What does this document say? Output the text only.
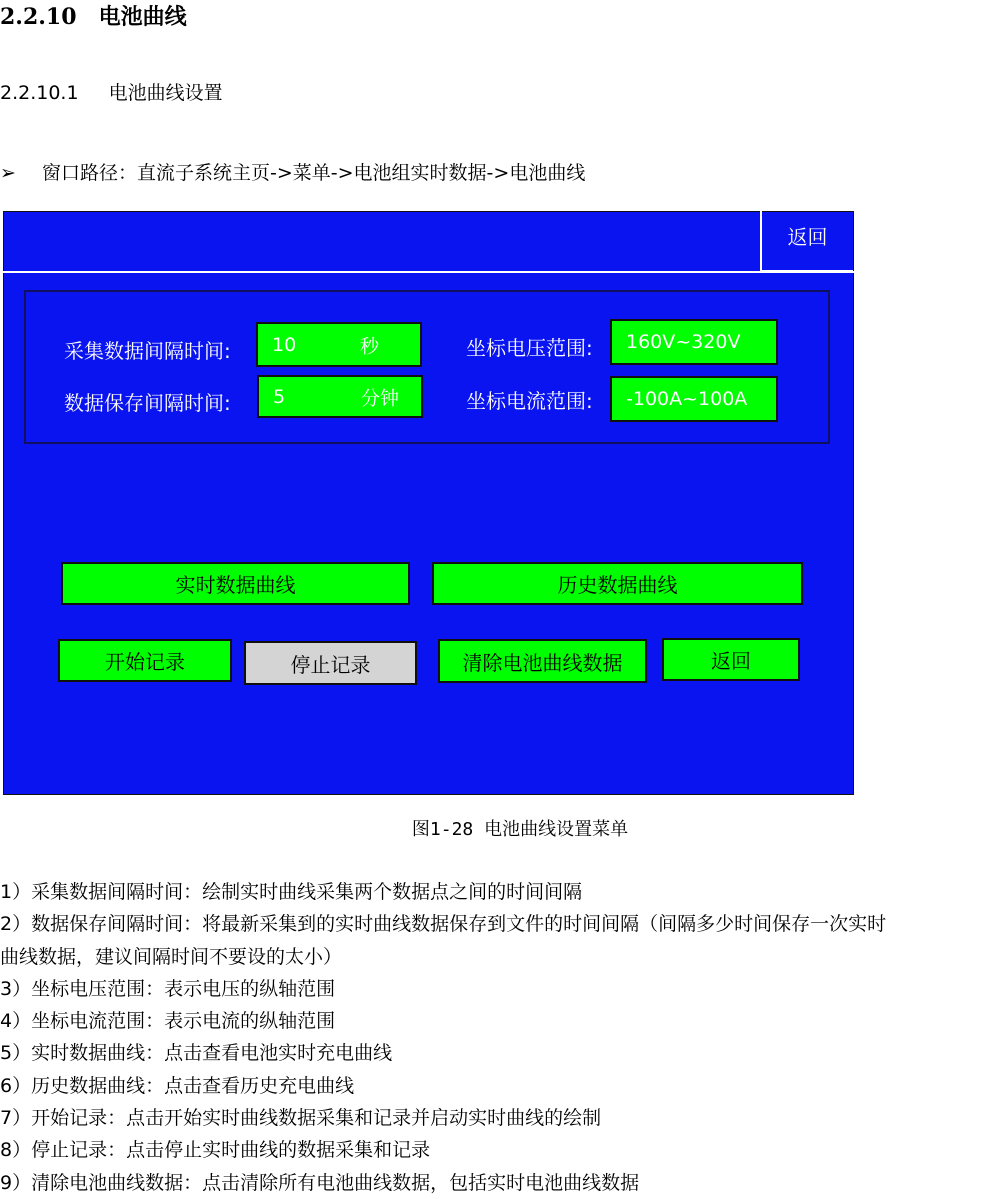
2.2.10 电池曲线
2.2.10.1 电池曲线设置
➢ 窗口路径：直流子系统主页->菜单->电池组实时数据->电池曲线
返回
采集数据间隔时间: 10	秒
数据保存间隔时间: 5	分钟
坐标电压范围: 160V~320V
坐标电流范围: -100A~100A
实时数据曲线	历史数据曲线
开始记录	停止记录	清除电池曲线数据	返回
图1-28 电池曲线设置菜单
1）采集数据间隔时间：绘制实时曲线采集两个数据点之间的时间间隔
2）数据保存间隔时间：将最新采集到的实时曲线数据保存到文件的时间间隔（间隔多少时间保存一次实时
曲线数据，建议间隔时间不要设的太小）
3）坐标电压范围：表示电压的纵轴范围
4）坐标电流范围：表示电流的纵轴范围
5）实时数据曲线：点击查看电池实时充电曲线
6）历史数据曲线：点击查看历史充电曲线
7）开始记录：点击开始实时曲线数据采集和记录并启动实时曲线的绘制
8）停止记录：点击停止实时曲线的数据采集和记录
9）清除电池曲线数据：点击清除所有电池曲线数据，包括实时电池曲线数据
